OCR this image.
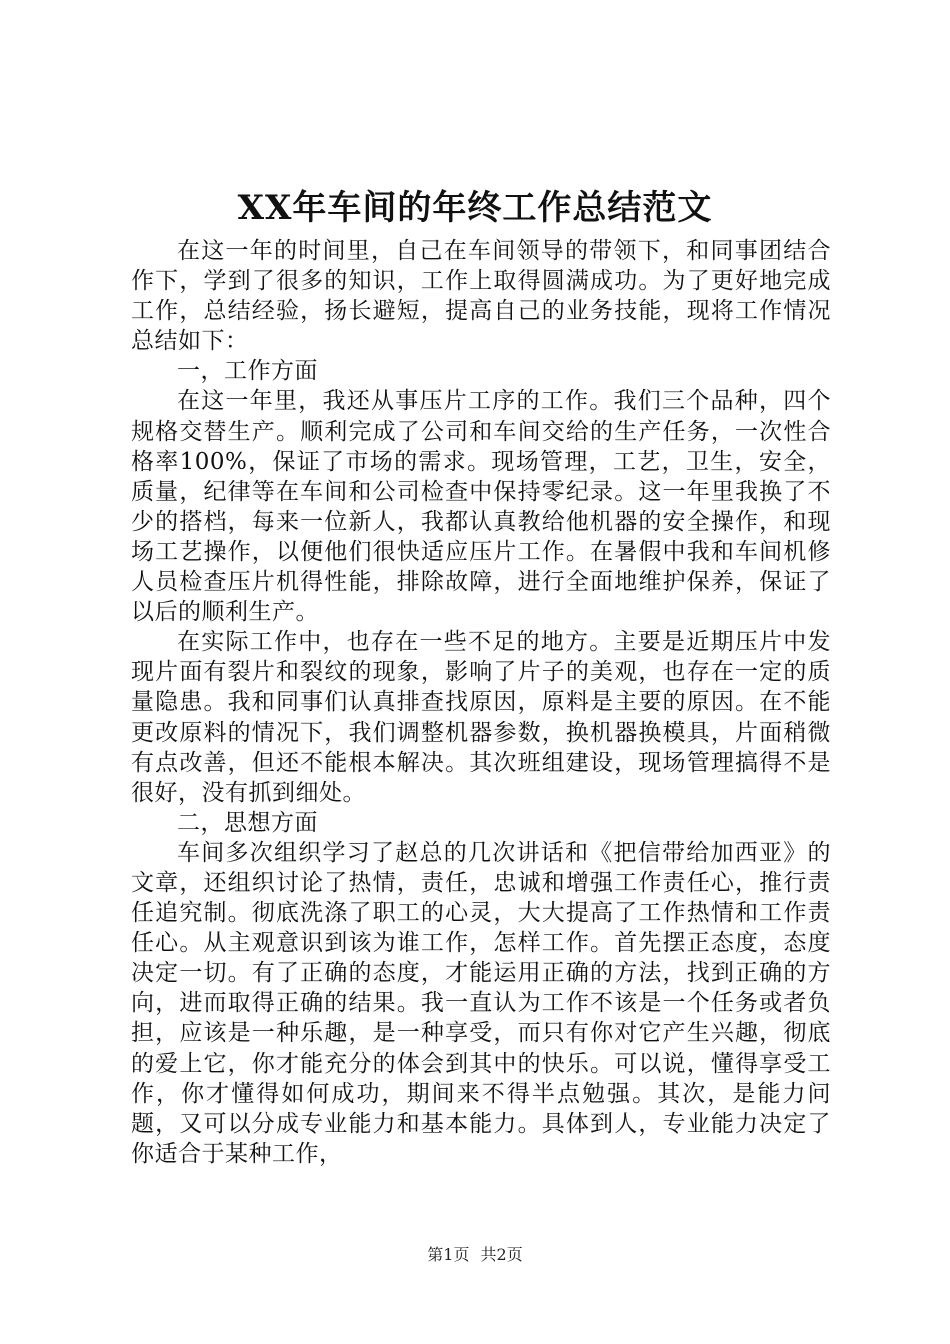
XX年车间的年终工作总结范文

在这一年的时间里，自己在车间领导的带领下，和同事团结合作下，学到了很多的知识，工作上取得圆满成功。为了更好地完成工作，总结经验，扬长避短，提高自己的业务技能，现将工作情况总结如下：

一，工作方面

在这一年里，我还从事压片工序的工作。我们三个品种，四个规格交替生产。顺利完成了公司和车间交给的生产任务，一次性合格率100%，保证了市场的需求。现场管理，工艺，卫生，安全，质量，纪律等在车间和公司检查中保持零纪录。这一年里我换了不少的搭档，每来一位新人，我都认真教给他机器的安全操作，和现场工艺操作，以便他们很快适应压片工作。在暑假中我和车间机修人员检查压片机得性能，排除故障，进行全面地维护保养，保证了以后的顺利生产。

在实际工作中，也存在一些不足的地方。主要是近期压片中发现片面有裂片和裂纹的现象，影响了片子的美观，也存在一定的质量隐患。我和同事们认真排查找原因，原料是主要的原因。在不能更改原料的情况下，我们调整机器参数，换机器换模具，片面稍微有点改善，但还不能根本解决。其次班组建设，现场管理搞得不是很好，没有抓到细处。

二，思想方面

车间多次组织学习了赵总的几次讲话和《把信带给加西亚》的文章，还组织讨论了热情，责任，忠诚和增强工作责任心，推行责任追究制。彻底洗涤了职工的心灵，大大提高了工作热情和工作责任心。从主观意识到该为谁工作，怎样工作。首先摆正态度，态度决定一切。有了正确的态度，才能运用正确的方法，找到正确的方向，进而取得正确的结果。我一直认为工作不该是一个任务或者负担，应该是一种乐趣，是一种享受，而只有你对它产生兴趣，彻底的爱上它，你才能充分的体会到其中的快乐。可以说，懂得享受工作，你才懂得如何成功，期间来不得半点勉强。其次，是能力问题，又可以分成专业能力和基本能力。具体到人，专业能力决定了你适合于某种工作，

第1页 共2页
